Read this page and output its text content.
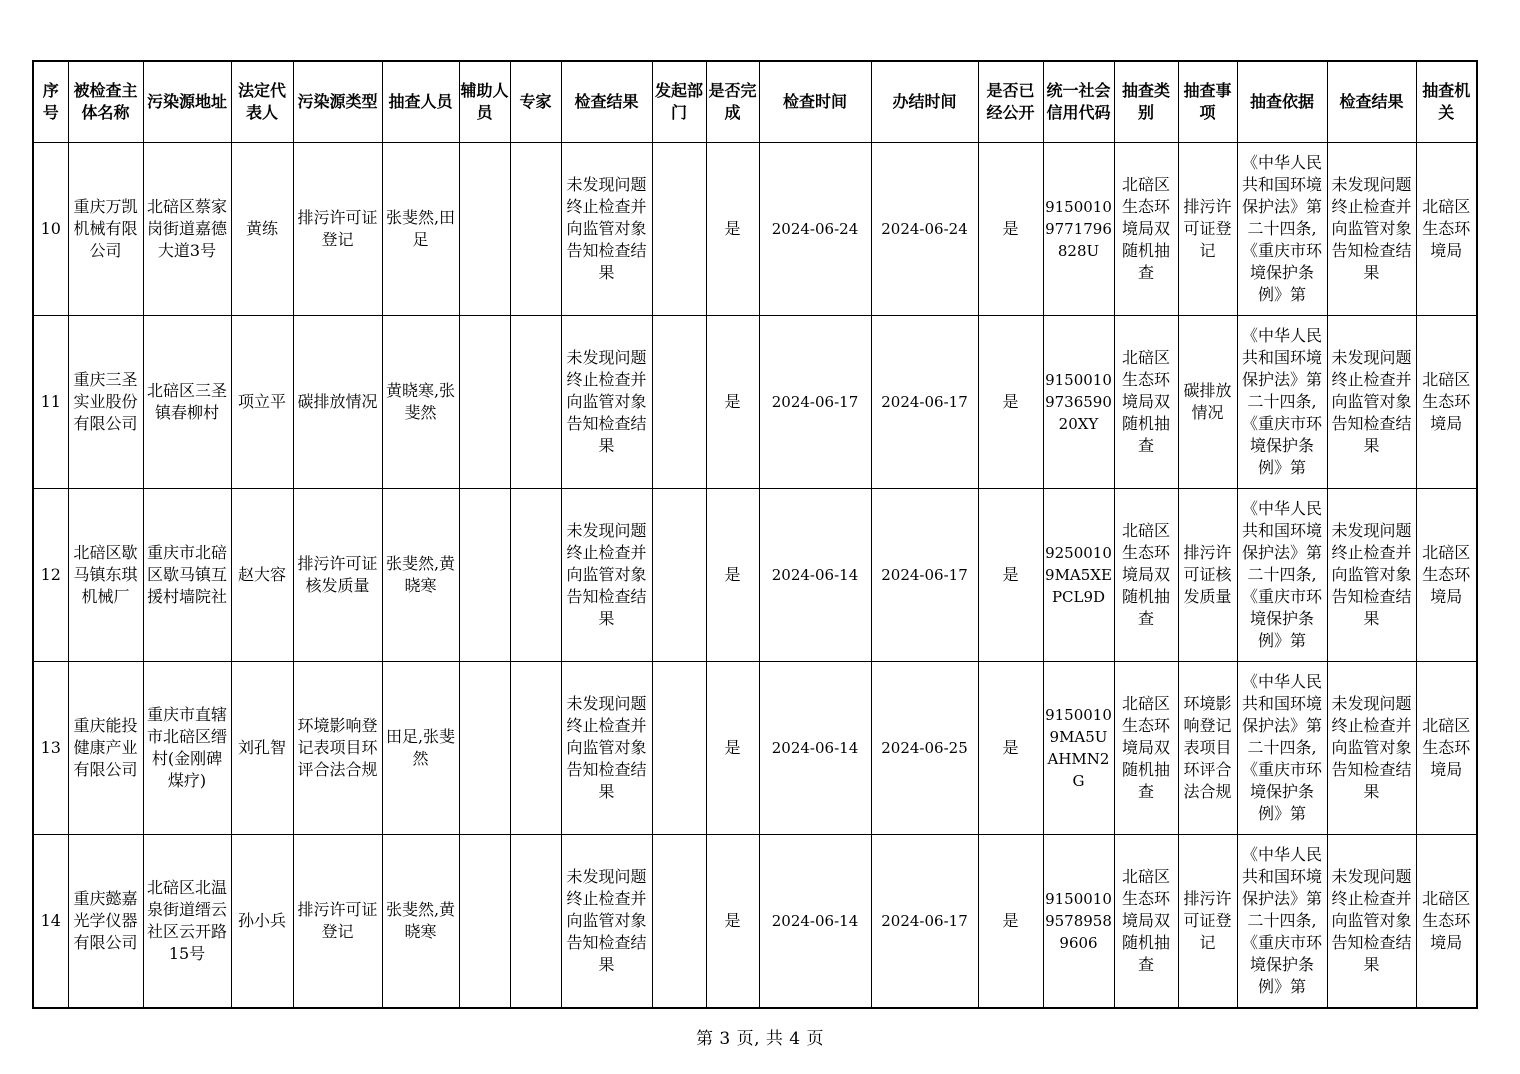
序号	被检查主体名称	污染源地址	法定代表人	污染源类型	抽查人员	辅助人员	专家	检查结果	发起部门	是否完成	检查时间	办结时间	是否已经公开	统一社会信用代码	抽查类别	抽查事项	抽查依据	检查结果	抽查机关

10	重庆万凯机械有限公司	北碚区蔡家岗街道嘉德大道3号	黄练	排污许可证登记	张斐然,田足			未发现问题终止检查并向监管对象告知检查结果		是	2024-06-24	2024-06-24	是	915001097717​96828U	北碚区生态环境局双随机抽查	排污许可证登记	《中华人民共和国环境保护法》第二十四条,《重庆市环境保护条例》第	未发现问题终止检查并向监管对象告知检查结果	北碚区生态环境局

11	重庆三圣实业股份有限公司	北碚区三圣镇春柳村	项立平	碳排放情况	黄晓寒,张斐然			未发现问题终止检查并向监管对象告知检查结果		是	2024-06-17	2024-06-17	是	91500109736590​20XY	北碚区生态环境局双随机抽查	碳排放情况	《中华人民共和国环境保护法》第二十四条,《重庆市环境保护条例》第	未发现问题终止检查并向监管对象告知检查结果	北碚区生态环境局

12	北碚区歇马镇东琪机械厂	重庆市北碚区歇马镇互援村墙院社	赵大容	排污许可证核发质量	张斐然,黄晓寒			未发现问题终止检查并向监管对象告知检查结果		是	2024-06-14	2024-06-17	是	92500109MA5XEPCL9D	北碚区生态环境局双随机抽查	排污许可证核发质量	《中华人民共和国环境保护法》第二十四条,《重庆市环境保护条例》第	未发现问题终止检查并向监管对象告知检查结果	北碚区生态环境局

13	重庆能投健康产业有限公司	重庆市直辖市北碚区缙村(金刚碑煤疗)	刘孔智	环境影响登记表项目环评合法合规	田足,张斐然			未发现问题终止检查并向监管对象告知检查结果		是	2024-06-14	2024-06-25	是	91500109MA5UAHMN2G	北碚区生态环境局双随机抽查	环境影响登记表项目环评合法合规	《中华人民共和国环境保护法》第二十四条,《重庆市环境保护条例》第	未发现问题终止检查并向监管对象告知检查结果	北碚区生态环境局

14	重庆懿嘉光学仪器有限公司	北碚区北温泉街道缙云社区云开路15号	孙小兵	排污许可证登记	张斐然,黄晓寒			未发现问题终止检查并向监管对象告知检查结果		是	2024-06-14	2024-06-17	是	91500109578958​9606	北碚区生态环境局双随机抽查	排污许可证登记	《中华人民共和国环境保护法》第二十四条,《重庆市环境保护条例》第	未发现问题终止检查并向监管对象告知检查结果	北碚区生态环境局
第 3 页, 共 4 页
